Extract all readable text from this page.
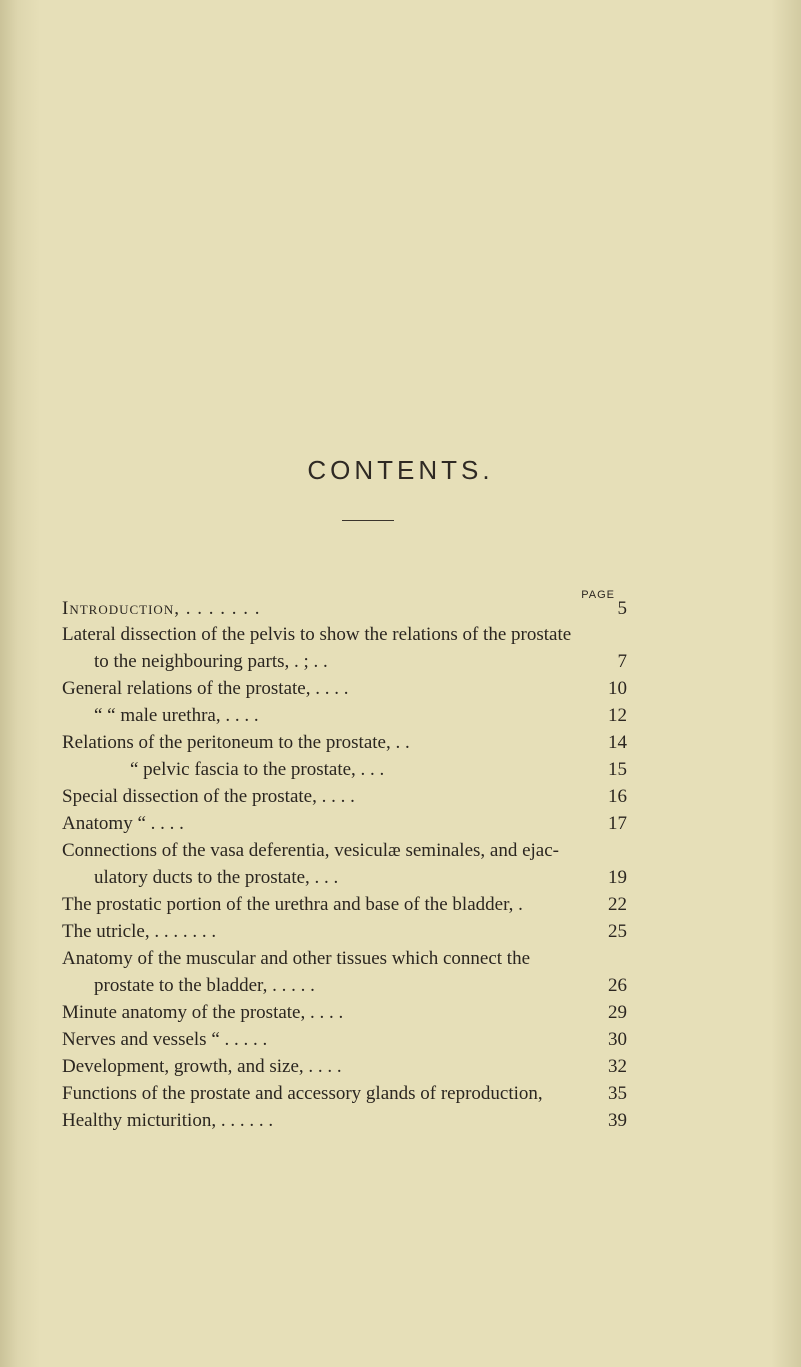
CONTENTS.
PAGE
Introduction, . . . . . . .	5
Lateral dissection of the pelvis to show the relations of the prostate
to the neighbouring parts, . ; . .	7
General relations of the prostate, . . . .	10
“ “ male urethra, . . . .	12
Relations of the peritoneum to the prostate, . .	14
“ pelvic fascia to the prostate, . . .	15
Special dissection of the prostate, . . . .	16
Anatomy “ . . . .	17
Connections of the vasa deferentia, vesiculæ seminales, and ejac-
ulatory ducts to the prostate, . . .	19
The prostatic portion of the urethra and base of the bladder, .	22
The utricle, . . . . . . .	25
Anatomy of the muscular and other tissues which connect the
prostate to the bladder, . . . . .	26
Minute anatomy of the prostate, . . . .	29
Nerves and vessels “ . . . . .	30
Development, growth, and size, . . . .	32
Functions of the prostate and accessory glands of reproduction,	35
Healthy micturition, . . . . . .	39
